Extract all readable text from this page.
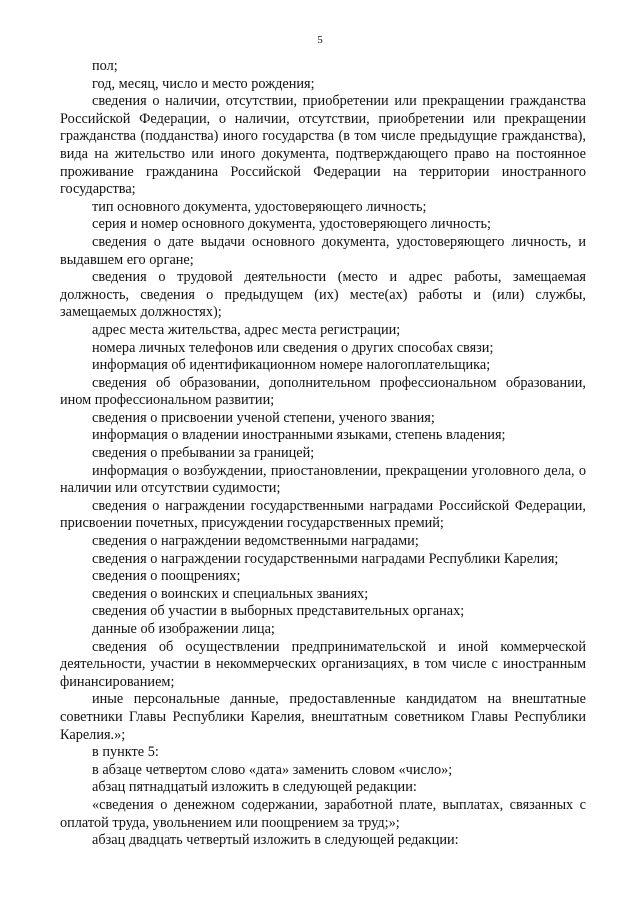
5

пол;

год, месяц, число и место рождения;

сведения о наличии, отсутствии, приобретении или прекращении гражданства Российской Федерации, о наличии, отсутствии, приобретении или прекращении гражданства (подданства) иного государства (в том числе предыдущие гражданства), вида на жительство или иного документа, подтверждающего право на постоянное проживание гражданина Российской Федерации на территории иностранного государства;

тип основного документа, удостоверяющего личность;

серия и номер основного документа, удостоверяющего личность;

сведения о дате выдачи основного документа, удостоверяющего личность, и выдавшем его органе;

сведения о трудовой деятельности (место и адрес работы, замещаемая должность, сведения о предыдущем (их) месте(ах) работы и (или) службы, замещаемых должностях);

адрес места жительства, адрес места регистрации;

номера личных телефонов или сведения о других способах связи;

информация об идентификационном номере налогоплательщика;

сведения об образовании, дополнительном профессиональном образовании, ином профессиональном развитии;

сведения о присвоении ученой степени, ученого звания;

информация о владении иностранными языками, степень владения;

сведения о пребывании за границей;

информация о возбуждении, приостановлении, прекращении уголовного дела, о наличии или отсутствии судимости;

сведения о награждении государственными наградами Российской Федерации, присвоении почетных, присуждении государственных премий;

сведения о награждении ведомственными наградами;

сведения о награждении государственными наградами Республики Карелия;

сведения о поощрениях;

сведения о воинских и специальных званиях;

сведения об участии в выборных представительных органах;

данные об изображении лица;

сведения об осуществлении предпринимательской и иной коммерческой деятельности, участии в некоммерческих организациях, в том числе с иностранным финансированием;

иные персональные данные, предоставленные кандидатом на внештатные советники Главы Республики Карелия, внештатным советником Главы Республики Карелия.»;

в пункте 5:

в абзаце четвертом слово «дата» заменить словом «число»;

абзац пятнадцатый изложить в следующей редакции:

«сведения о денежном содержании, заработной плате, выплатах, связанных с оплатой труда, увольнением или поощрением за труд;»;

абзац двадцать четвертый изложить в следующей редакции:
